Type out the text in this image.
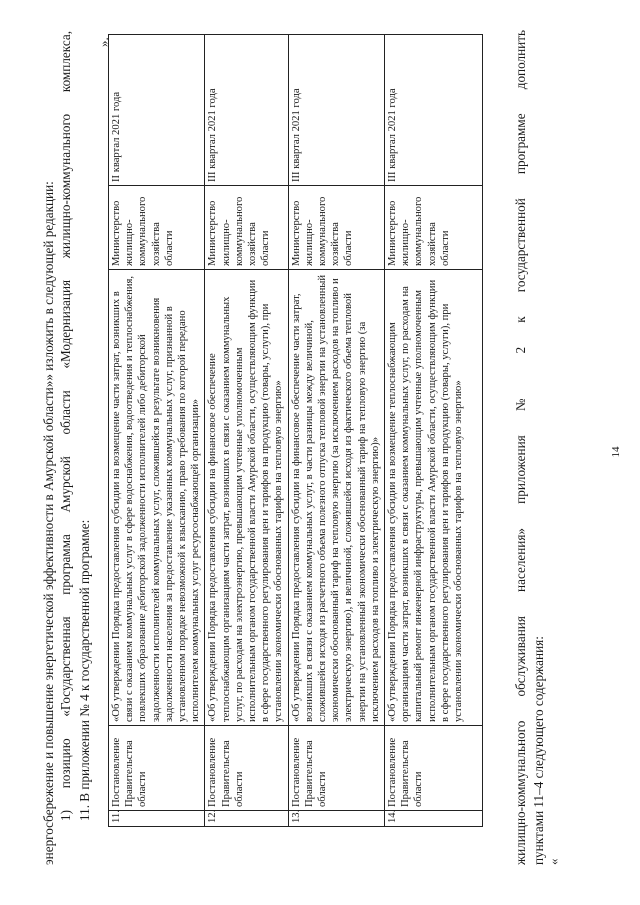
14
жилищно-коммунального обслуживания населения» приложения № 2 к государственной программе дополнить пунктами 11–4 следующего содержания: «
11.	Постановление Правительства области	«Об утверждении Порядка предоставления субсидии на возмещение части затрат, возникших в связи с оказанием коммунальных услуг в сфере водоснабжения, водоотведения и теплоснабжения, повлекших образование дебиторской задолженности исполнителей либо дебиторской задолженности исполнителей коммунальных услуг, сложившейся в результате возникновения задолженности населения за предоставление указанных коммунальных услуг, признанной в установленном порядке невозможной к взысканию, право требования по которой передано исполнителем коммунальных услуг ресурсоснабжающей организации»	Министерство жилищно-коммунального хозяйства области	II квартал 2021 года
12.	Постановление Правительства области	«Об утверждении Порядка предоставления субсидии на финансовое обеспечение теплоснабжающим организациям части затрат, возникших в связи с оказанием коммунальных услуг, по расходам на электроэнергию, превышающим учтенные уполномоченным исполнительным органом государственной власти Амурской области, осуществляющим функции в сфере государственного регулирования цен и тарифов на продукцию (товары, услуги), при установлении экономически обоснованных тарифов на тепловую энергию»	Министерство жилищно-коммунального хозяйства области	III квартал 2021 года
13.	Постановление Правительства области	«Об утверждении Порядка предоставления субсидии на финансовое обеспечение части затрат, возникших в связи с оказанием коммунальных услуг, в части разницы между величиной, сложившейся исходя из расчетного объема полезного отпуска тепловой энергии на установленный экономически обоснованный тариф на тепловую энергию (за исключением расходов на топливо и электрическую энергию), и величиной, сложившейся исходя из фактического объема тепловой энергии на установленный экономически обоснованный тариф на тепловую энергию (за исключением расходов на топливо и электрическую энергию)»	Министерство жилищно-коммунального хозяйства области	III квартал 2021 года
14.	Постановление Правительства области	«Об утверждении Порядка предоставления субсидии на возмещение теплоснабжающим организациям части затрат, возникших в связи с оказанием коммунальных услуг, по расходам на капитальный ремонт инженерной инфраструктуры, превышающим учтенные уполномоченным исполнительным органом государственной власти Амурской области, осуществляющим функции в сфере государственного регулирования цен и тарифов на продукцию (товары, услуги), при установлении экономически обоснованных тарифов на тепловую энергию»	Министерство жилищно-коммунального хозяйства области	III квартал 2021 года
».
11. В приложении № 4 к государственной программе:
1) позицию «Государственная программа Амурской области «Модернизация жилищно-коммунального комплекса,
энергосбережение и повышение энергетической эффективности в Амурской области»» изложить в следующей редакции:
